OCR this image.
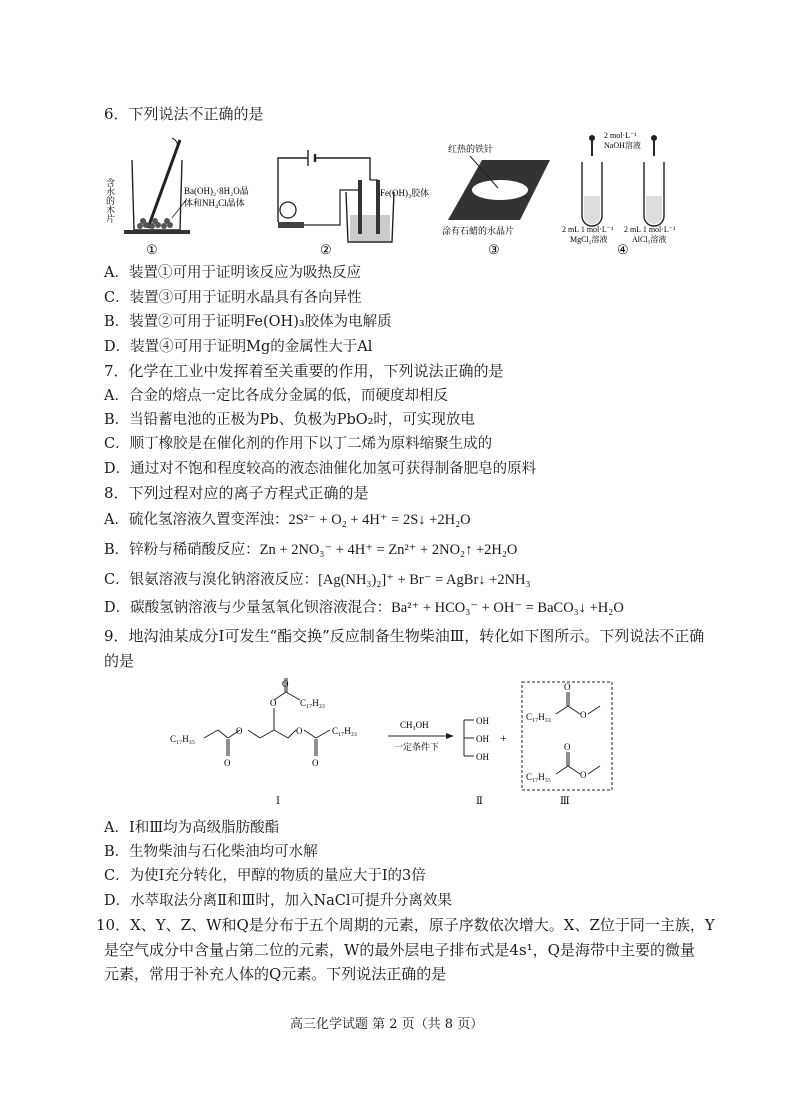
6．下列说法不正确的是
含水的木片	Ba(OH)₂·8H₂O晶
体和NH₄Cl晶体
①
Fe(OH)₃胶体
②
红热的铁针
涂有石蜡的水晶片
③
2 mol·L⁻¹
NaOH溶液
2 mL 1 mol·L⁻¹
MgCl₂溶液
2 mL 1 mol·L⁻¹
AlCl₃溶液
④
A．装置①可用于证明该反应为吸热反应
C．装置③可用于证明水晶具有各向异性
B．装置②可用于证明Fe(OH)₃胶体为电解质
D．装置④可用于证明Mg的金属性大于Al
7．化学在工业中发挥着至关重要的作用，下列说法正确的是
A．合金的熔点一定比各成分金属的低，而硬度却相反
B．当铅蓄电池的正极为Pb、负极为PbO₂时，可实现放电
C．顺丁橡胶是在催化剂的作用下以丁二烯为原料缩聚生成的
D．通过对不饱和程度较高的液态油催化加氢可获得制备肥皂的原料
8．下列过程对应的离子方程式正确的是
A．硫化氢溶液久置变浑浊：2S²⁻ + O₂ + 4H⁺ = 2S↓ +2H₂O
B．锌粉与稀硝酸反应：Zn + 2NO₃⁻ + 4H⁺ = Zn²⁺ + 2NO₂↑ +2H₂O
C．银氨溶液与溴化钠溶液反应：[Ag(NH₃)₂]⁺ + Br⁻ = AgBr↓ +2NH₃
D．碳酸氢钠溶液与少量氢氧化钡溶液混合：Ba²⁺ + HCO₃⁻ + OH⁻ = BaCO₃↓ +H₂O
9．地沟油某成分Ⅰ可发生“酯交换”反应制备生物柴油Ⅲ，转化如下图所示。下列说法不正确
的是
C₁₇H₃₅
O
O
O
O
C₁₇H₃₃
O
O
C₁₇H₃₃
CH₃OH
一定条件下
OH
OH
OH
+
O
O
C₁₇H₃₃
O
O
C₁₇H₃₅
Ⅰ	Ⅱ	Ⅲ
A．Ⅰ和Ⅲ均为高级脂肪酸酯
B．生物柴油与石化柴油均可水解
C．为使Ⅰ充分转化，甲醇的物质的量应大于Ⅰ的3倍
D．水萃取法分离Ⅱ和Ⅲ时，加入NaCl可提升分离效果
10．X、Y、Z、W和Q是分布于五个周期的元素，原子序数依次增大。X、Z位于同一主族，Y
是空气成分中含量占第二位的元素，W的最外层电子排布式是4s¹，Q是海带中主要的微量
元素，常用于补充人体的Q元素。下列说法正确的是
高三化学试题 第 2 页（共 8 页）
